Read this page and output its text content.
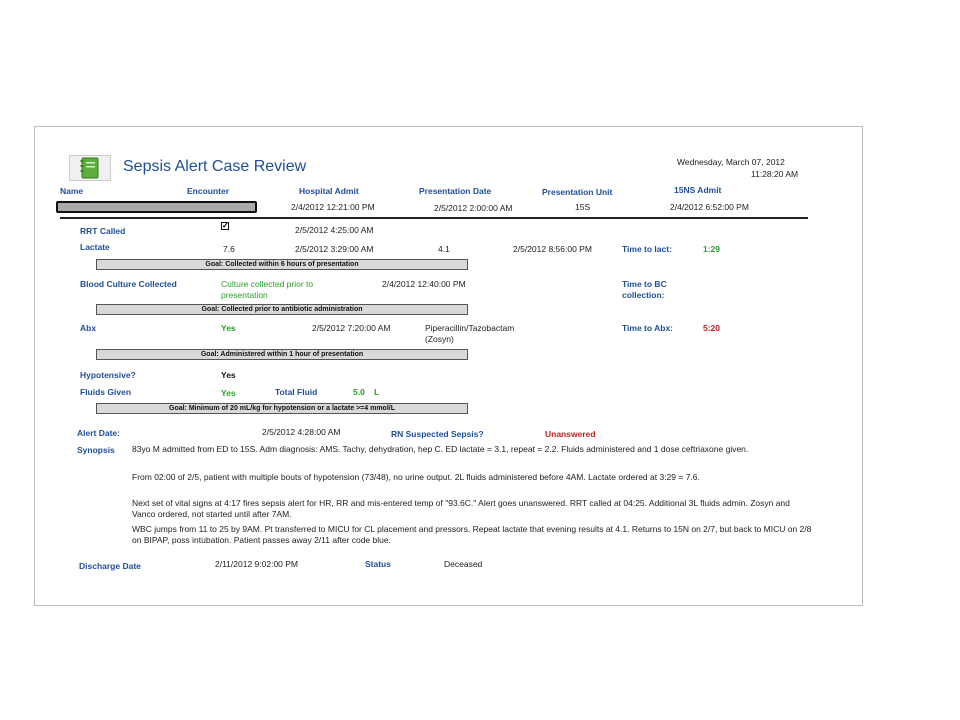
Sepsis Alert Case Review	Wednesday, March 07, 2012
11:28:20 AM
Name	Encounter	Hospital Admit	Presentation Date	Presentation Unit	15NS Admit
2/4/2012 12:21:00 PM	2/5/2012 2:00:00 AM	15S	2/4/2012 6:52:00 PM
RRT Called
✓	2/5/2012 4:25:00 AM
Lactate	7.6	2/5/2012 3:29:00 AM	4.1	2/5/2012 8:56:00 PM	Time to lact:	1:29
Goal: Collected within 6 hours of presentation
Blood Culture Collected	Culture collected prior to
presentation
2/4/2012 12:40:00 PM	Time to BC
collection:
Goal: Collected prior to antibiotic administration
Abx	Yes	2/5/2012 7:20:00 AM	Piperacillin/Tazobactam
(Zosyn)
Time to Abx:	5:20
Goal: Administered within 1 hour of presentation
Hypotensive?	Yes
Fluids Given	Yes	Total Fluid	5.0 L
Goal: Minimum of 20 mL/kg for hypotension or a lactate >=4 mmol/L
Alert Date:	2/5/2012 4:28:00 AM	RN Suspected Sepsis?	Unanswered
Synopsis 83yo M admitted from ED to 15S. Adm diagnosis: AMS. Tachy, dehydration, hep C. ED lactate = 3.1, repeat = 2.2. Fluids administered and 1 dose ceftriaxone given.
From 02:00 of 2/5, patient with multiple bouts of hypotension (73/48), no urine output. 2L fluids administered before 4AM. Lactate ordered at 3:29 = 7.6.
Next set of vital signs at 4:17 fires sepsis alert for HR, RR and mis-entered temp of "93.6C." Alert goes unanswered. RRT called at 04:25. Additional 3L fluids admin. Zosyn and Vanco ordered, not started until after 7AM.
WBC jumps from 11 to 25 by 9AM. Pt transferred to MICU for CL placement and pressors. Repeat lactate that evening results at 4.1. Returns to 15N on 2/7, but back to MICU on 2/8 on BIPAP, poss intubation. Patient passes away 2/11 after code blue.
Discharge Date	2/11/2012 9:02:00 PM	Status	Deceased
